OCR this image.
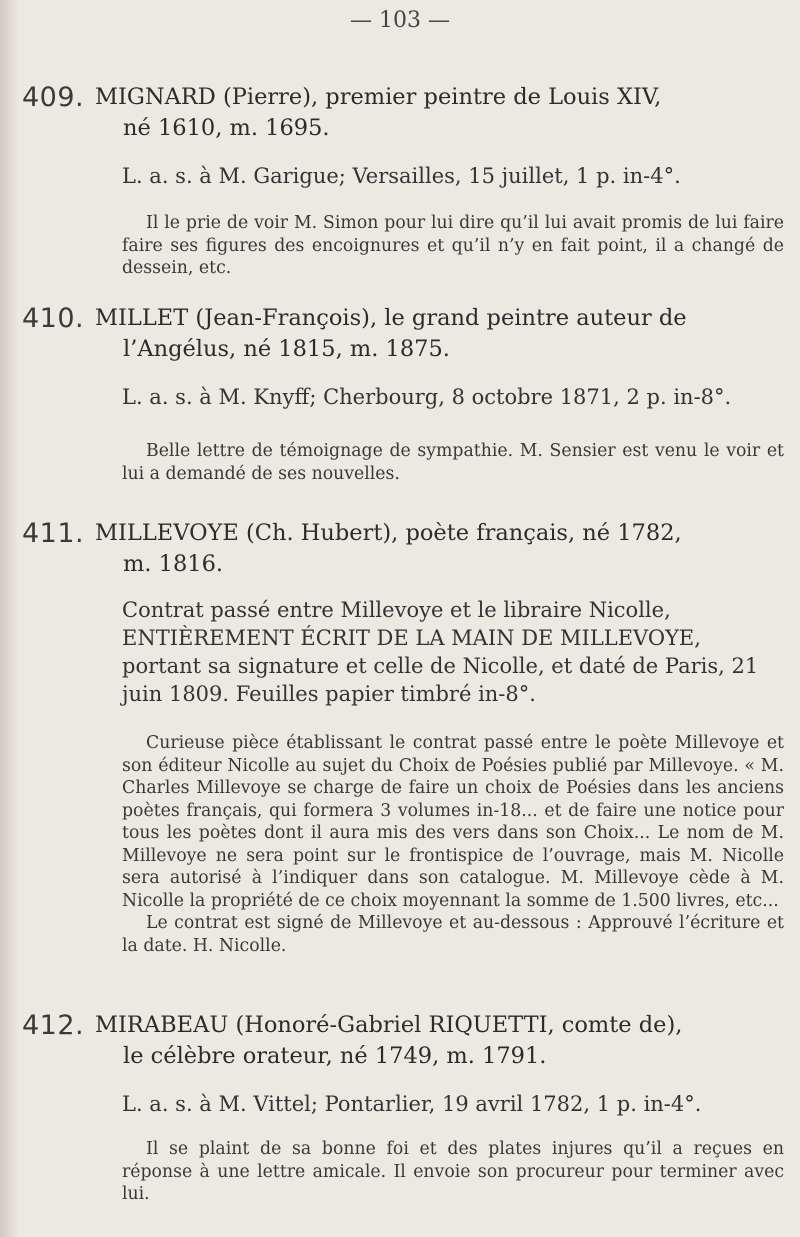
— 103 —
409. MIGNARD (Pierre), premier peintre de Louis XIV,
né 1610, m. 1695.
L. a. s. à M. Garigue; Versailles, 15 juillet, 1 p. in-4°.
Il le prie de voir M. Simon pour lui dire qu’il lui avait promis de lui faire faire ses figures des encoignures et qu’il n’y en fait point, il a changé de dessein, etc.
410. MILLET (Jean-François), le grand peintre auteur de
l’Angélus, né 1815, m. 1875.
L. a. s. à M. Knyff; Cherbourg, 8 octobre 1871, 2 p. in-8°.
Belle lettre de témoignage de sympathie. M. Sensier est venu le voir et lui a demandé de ses nouvelles.
411. MILLEVOYE (Ch. Hubert), poète français, né 1782,
m. 1816.
Contrat passé entre Millevoye et le libraire Nicolle, ENTIÈREMENT ÉCRIT DE LA MAIN DE MILLEVOYE, portant sa signature et celle de Nicolle, et daté de Paris, 21 juin 1809. Feuilles papier timbré in-8°.

Curieuse pièce établissant le contrat passé entre le poète Millevoye et son éditeur Nicolle au sujet du Choix de Poésies publié par Millevoye. « M. Charles Millevoye se charge de faire un choix de Poésies dans les anciens poètes français, qui formera 3 volumes in-18... et de faire une notice pour tous les poètes dont il aura mis des vers dans son Choix... Le nom de M. Millevoye ne sera point sur le frontispice de l’ouvrage, mais M. Nicolle sera autorisé à l’indiquer dans son catalogue. M. Millevoye cède à M. Nicolle la propriété de ce choix moyennant la somme de 1.500 livres, etc...

Le contrat est signé de Millevoye et au-dessous : Approuvé l’écriture et la date. H. Nicolle.

412. MIRABEAU (Honoré-Gabriel RIQUETTI, comte de),
le célèbre orateur, né 1749, m. 1791.
L. a. s. à M. Vittel; Pontarlier, 19 avril 1782, 1 p. in-4°.
Il se plaint de sa bonne foi et des plates injures qu’il a reçues en réponse à une lettre amicale. Il envoie son procureur pour terminer avec lui.
